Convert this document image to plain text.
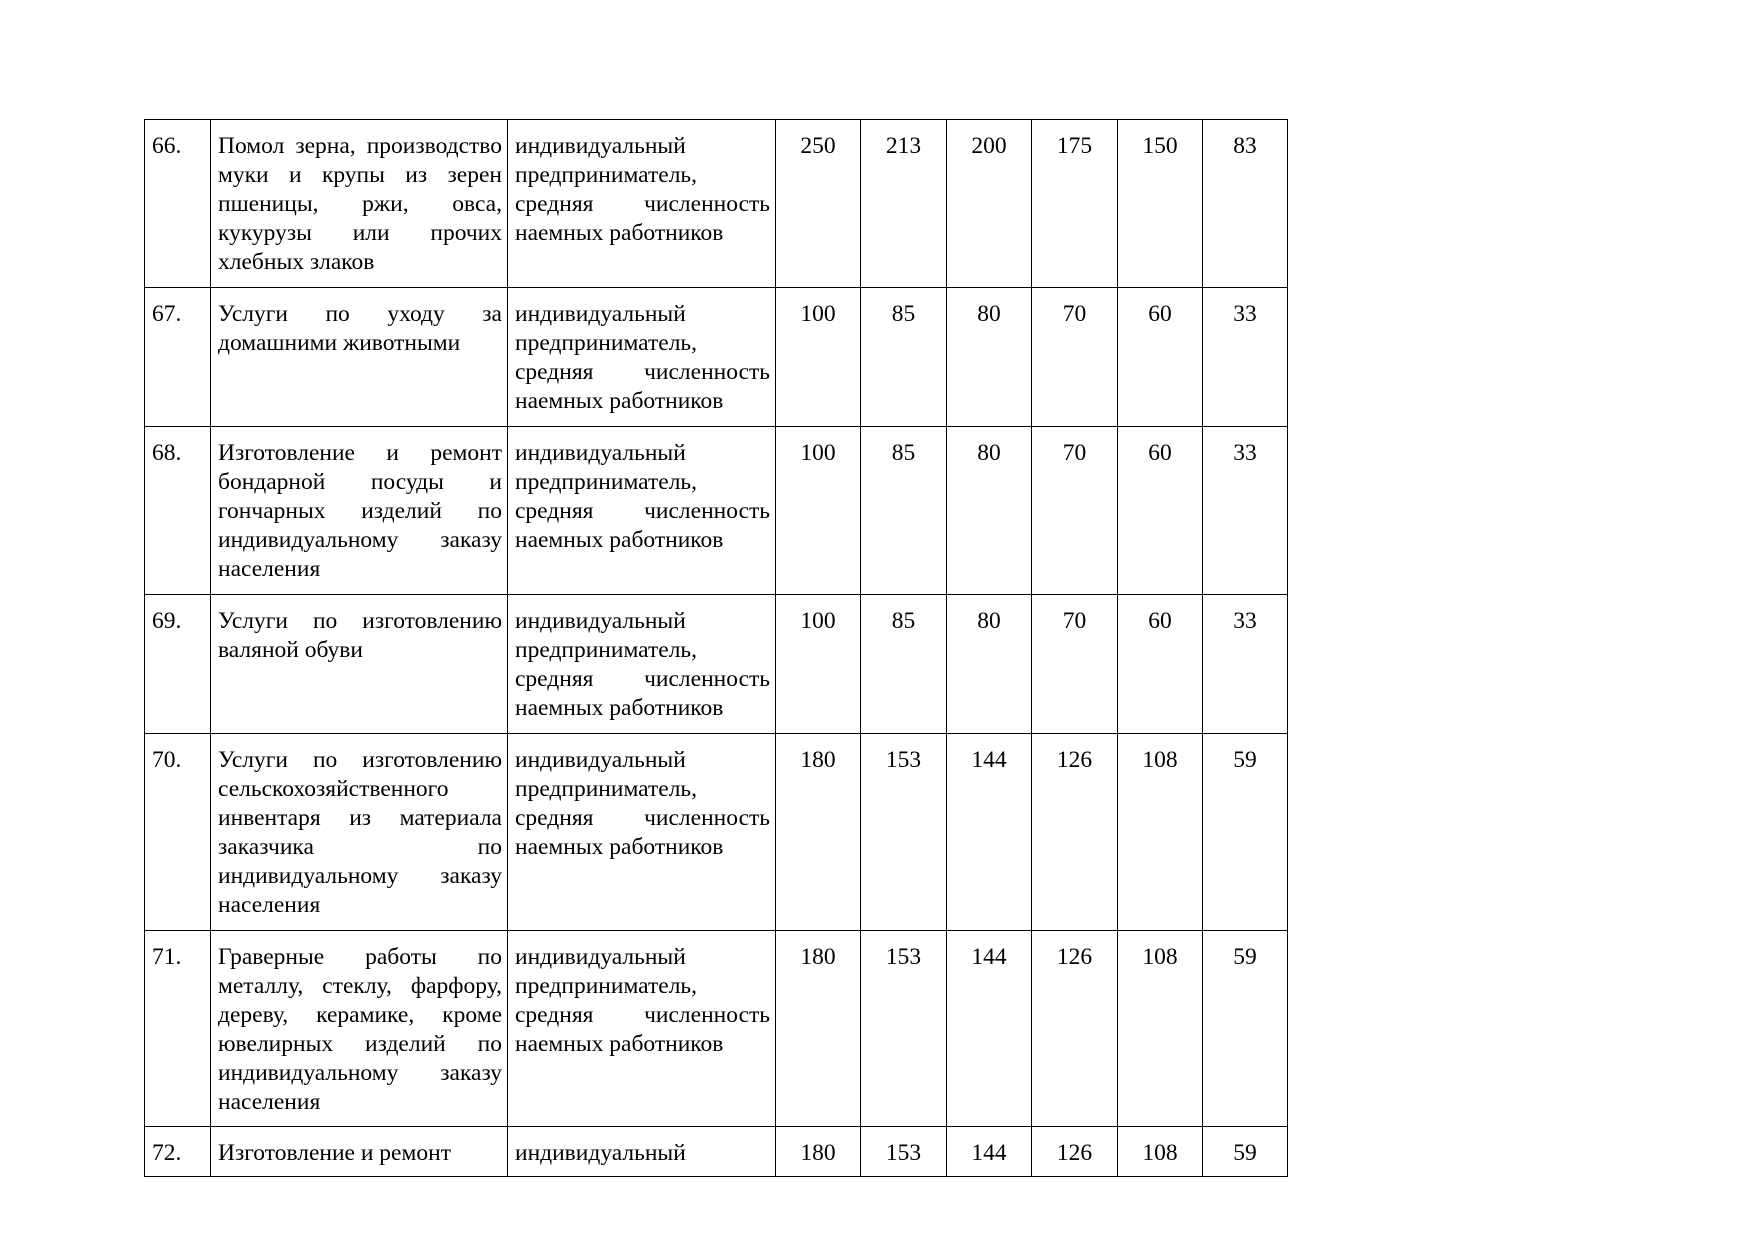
66.	Помол зерна, производство муки и крупы из зерен пшеницы, ржи, овса, кукурузы или прочих хлебных злаков	индивидуальный предприниматель, средняя численность наемных работников	250	213	200	175	150	83
67.	Услуги по уходу за домашними животными	индивидуальный предприниматель, средняя численность наемных работников	100	85	80	70	60	33
68.	Изготовление и ремонт бондарной посуды и гончарных изделий по индивидуальному заказу населения	индивидуальный предприниматель, средняя численность наемных работников	100	85	80	70	60	33
69.	Услуги по изготовлению валяной обуви	индивидуальный предприниматель, средняя численность наемных работников	100	85	80	70	60	33
70.	Услуги по изготовлению сельскохозяйственного инвентаря из материала заказчика по индивидуальному заказу населения	индивидуальный предприниматель, средняя численность наемных работников	180	153	144	126	108	59
71.	Граверные работы по металлу, стеклу, фарфору, дереву, керамике, кроме ювелирных изделий по индивидуальному заказу населения	индивидуальный предприниматель, средняя численность наемных работников	180	153	144	126	108	59
72.	Изготовление и ремонт	индивидуальный	180	153	144	126	108	59
